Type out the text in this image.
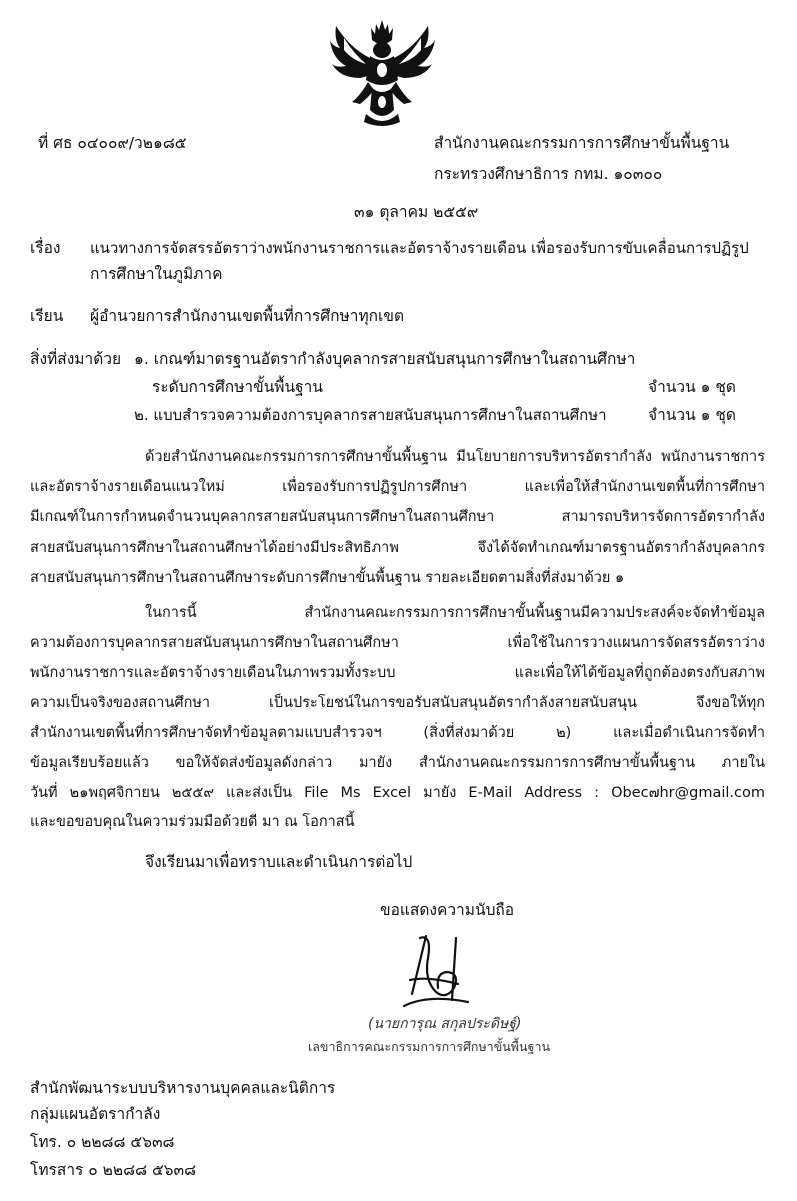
ที่ ศธ ๐๔๐๐๙/ว๒๑๘๕	สำนักงานคณะกรรมการการศึกษาขั้นพื้นฐาน
กระทรวงศึกษาธิการ กทม. ๑๐๓๐๐
๓๑ ตุลาคม ๒๕๕๙
เรื่อง แนวทางการจัดสรรอัตราว่างพนักงานราชการและอัตราจ้างรายเดือน เพื่อรองรับการขับเคลื่อนการปฏิรูป
การศึกษาในภูมิภาค
เรียน ผู้อำนวยการสำนักงานเขตพื้นที่การศึกษาทุกเขต
สิ่งที่ส่งมาด้วย ๑. เกณฑ์มาตรฐานอัตรากำลังบุคลากรสายสนับสนุนการศึกษาในสถานศึกษา
ระดับการศึกษาขั้นพื้นฐาน	จำนวน ๑ ชุด
๒. แบบสำรวจความต้องการบุคลากรสายสนับสนุนการศึกษาในสถานศึกษา	จำนวน ๑ ชุด
ด้วยสำนักงานคณะกรรมการการศึกษาขั้นพื้นฐาน มีนโยบายการบริหารอัตรากำลัง พนักงานราชการ
และอัตราจ้างรายเดือนแนวใหม่ เพื่อรองรับการปฏิรูปการศึกษา และเพื่อให้สำนักงานเขตพื้นที่การศึกษา
มีเกณฑ์ในการกำหนดจำนวนบุคลากรสายสนับสนุนการศึกษาในสถานศึกษา สามารถบริหารจัดการอัตรากำลัง
สายสนับสนุนการศึกษาในสถานศึกษาได้อย่างมีประสิทธิภาพ จึงได้จัดทำเกณฑ์มาตรฐานอัตรากำลังบุคลากร
สายสนับสนุนการศึกษาในสถานศึกษาระดับการศึกษาขั้นพื้นฐาน รายละเอียดตามสิ่งที่ส่งมาด้วย ๑
ในการนี้ สำนักงานคณะกรรมการการศึกษาขั้นพื้นฐานมีความประสงค์จะจัดทำข้อมูล
ความต้องการบุคลากรสายสนับสนุนการศึกษาในสถานศึกษา เพื่อใช้ในการวางแผนการจัดสรรอัตราว่าง
พนักงานราชการและอัตราจ้างรายเดือนในภาพรวมทั้งระบบ และเพื่อให้ได้ข้อมูลที่ถูกต้องตรงกับสภาพ
ความเป็นจริงของสถานศึกษา เป็นประโยชน์ในการขอรับสนับสนุนอัตรากำลังสายสนับสนุน จึงขอให้ทุก
สำนักงานเขตพื้นที่การศึกษาจัดทำข้อมูลตามแบบสำรวจฯ (สิ่งที่ส่งมาด้วย ๒) และเมื่อดำเนินการจัดทำ
ข้อมูลเรียบร้อยแล้ว ขอให้จัดส่งข้อมูลดังกล่าว มายัง สำนักงานคณะกรรมการการศึกษาขั้นพื้นฐาน ภายใน
วันที่ ๒๑พฤศจิกายน ๒๕๕๙ และส่งเป็น File Ms Excel มายัง E-Mail Address : Obec๗hr@gmail.com
และขอขอบคุณในความร่วมมือด้วยดี มา ณ โอกาสนี้
จึงเรียนมาเพื่อทราบและดำเนินการต่อไป
ขอแสดงความนับถือ
(นายการุณ สกุลประดิษฐ์)
เลขาธิการคณะกรรมการการศึกษาขั้นพื้นฐาน
สำนักพัฒนาระบบบริหารงานบุคคลและนิติการ
กลุ่มแผนอัตรากำลัง
โทร. ๐ ๒๒๘๘ ๕๖๓๘
โทรสาร ๐ ๒๒๘๘ ๕๖๓๘
